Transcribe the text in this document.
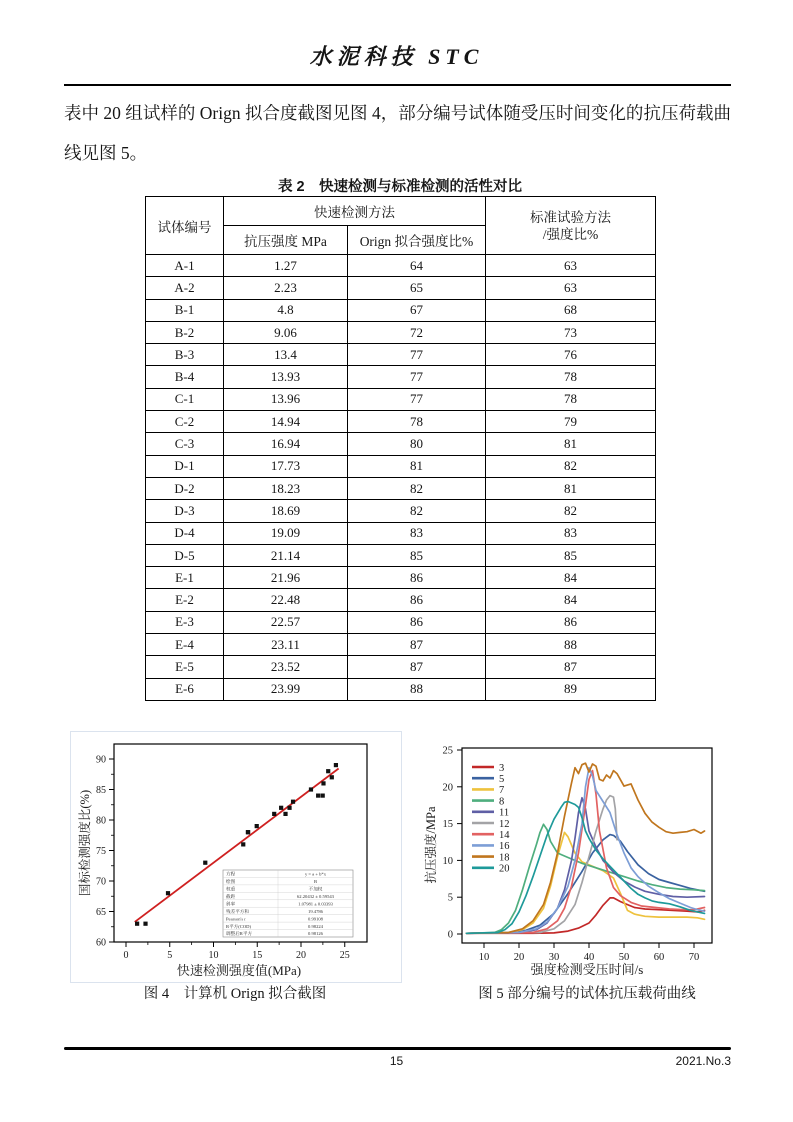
水泥科技 STC

表中 20 组试样的 Orign 拟合度截图见图 4，部分编号试体随受压时间变化的抗压荷载曲线见图 5。

表 2　快速检测与标准检测的活性对比
试体编号	快速检测方法		标准试验方法
/强度比%

	抗压强度 MPa	Orign 拟合强度比%	
A-1	1.27	64	63
A-2	2.23	65	63
B-1	4.8	67	68
B-2	9.06	72	73
B-3	13.4	77	76
B-4	13.93	77	78
C-1	13.96	77	78
C-2	14.94	78	79
C-3	16.94	80	81
D-1	17.73	81	82
D-2	18.23	82	81
D-3	18.69	82	82
D-4	19.09	83	83
D-5	21.14	85	85
E-1	21.96	86	84
E-2	22.48	86	84
E-3	22.57	86	86
E-4	23.11	87	88
E-5	23.52	87	87
E-6	23.99	88	89
0	5	10	15	20	25
60
65
70
75
80
85
90
方程	y = a + b*x
绘图	B
权重	不加权
截距	62.20432 ± 0.59543
斜率	1.07981 ± 0.03393
残差平方和	19.4786
Pearson's r	0.99108
R平方(COD)	0.98224
调整后R平方	0.98126
快速检测强度值(MPa)
国标检测强度比(%)
10 20 30 40 50 60 70
0
5
10
15
20
25
3
5
7
8
11
12
14
16
18
20
强度检测受压时间/s
抗压强度/MPa
图 4　计算机 Orign 拟合截图	图 5 部分编号的试体抗压载荷曲线
15	2021.No.3
